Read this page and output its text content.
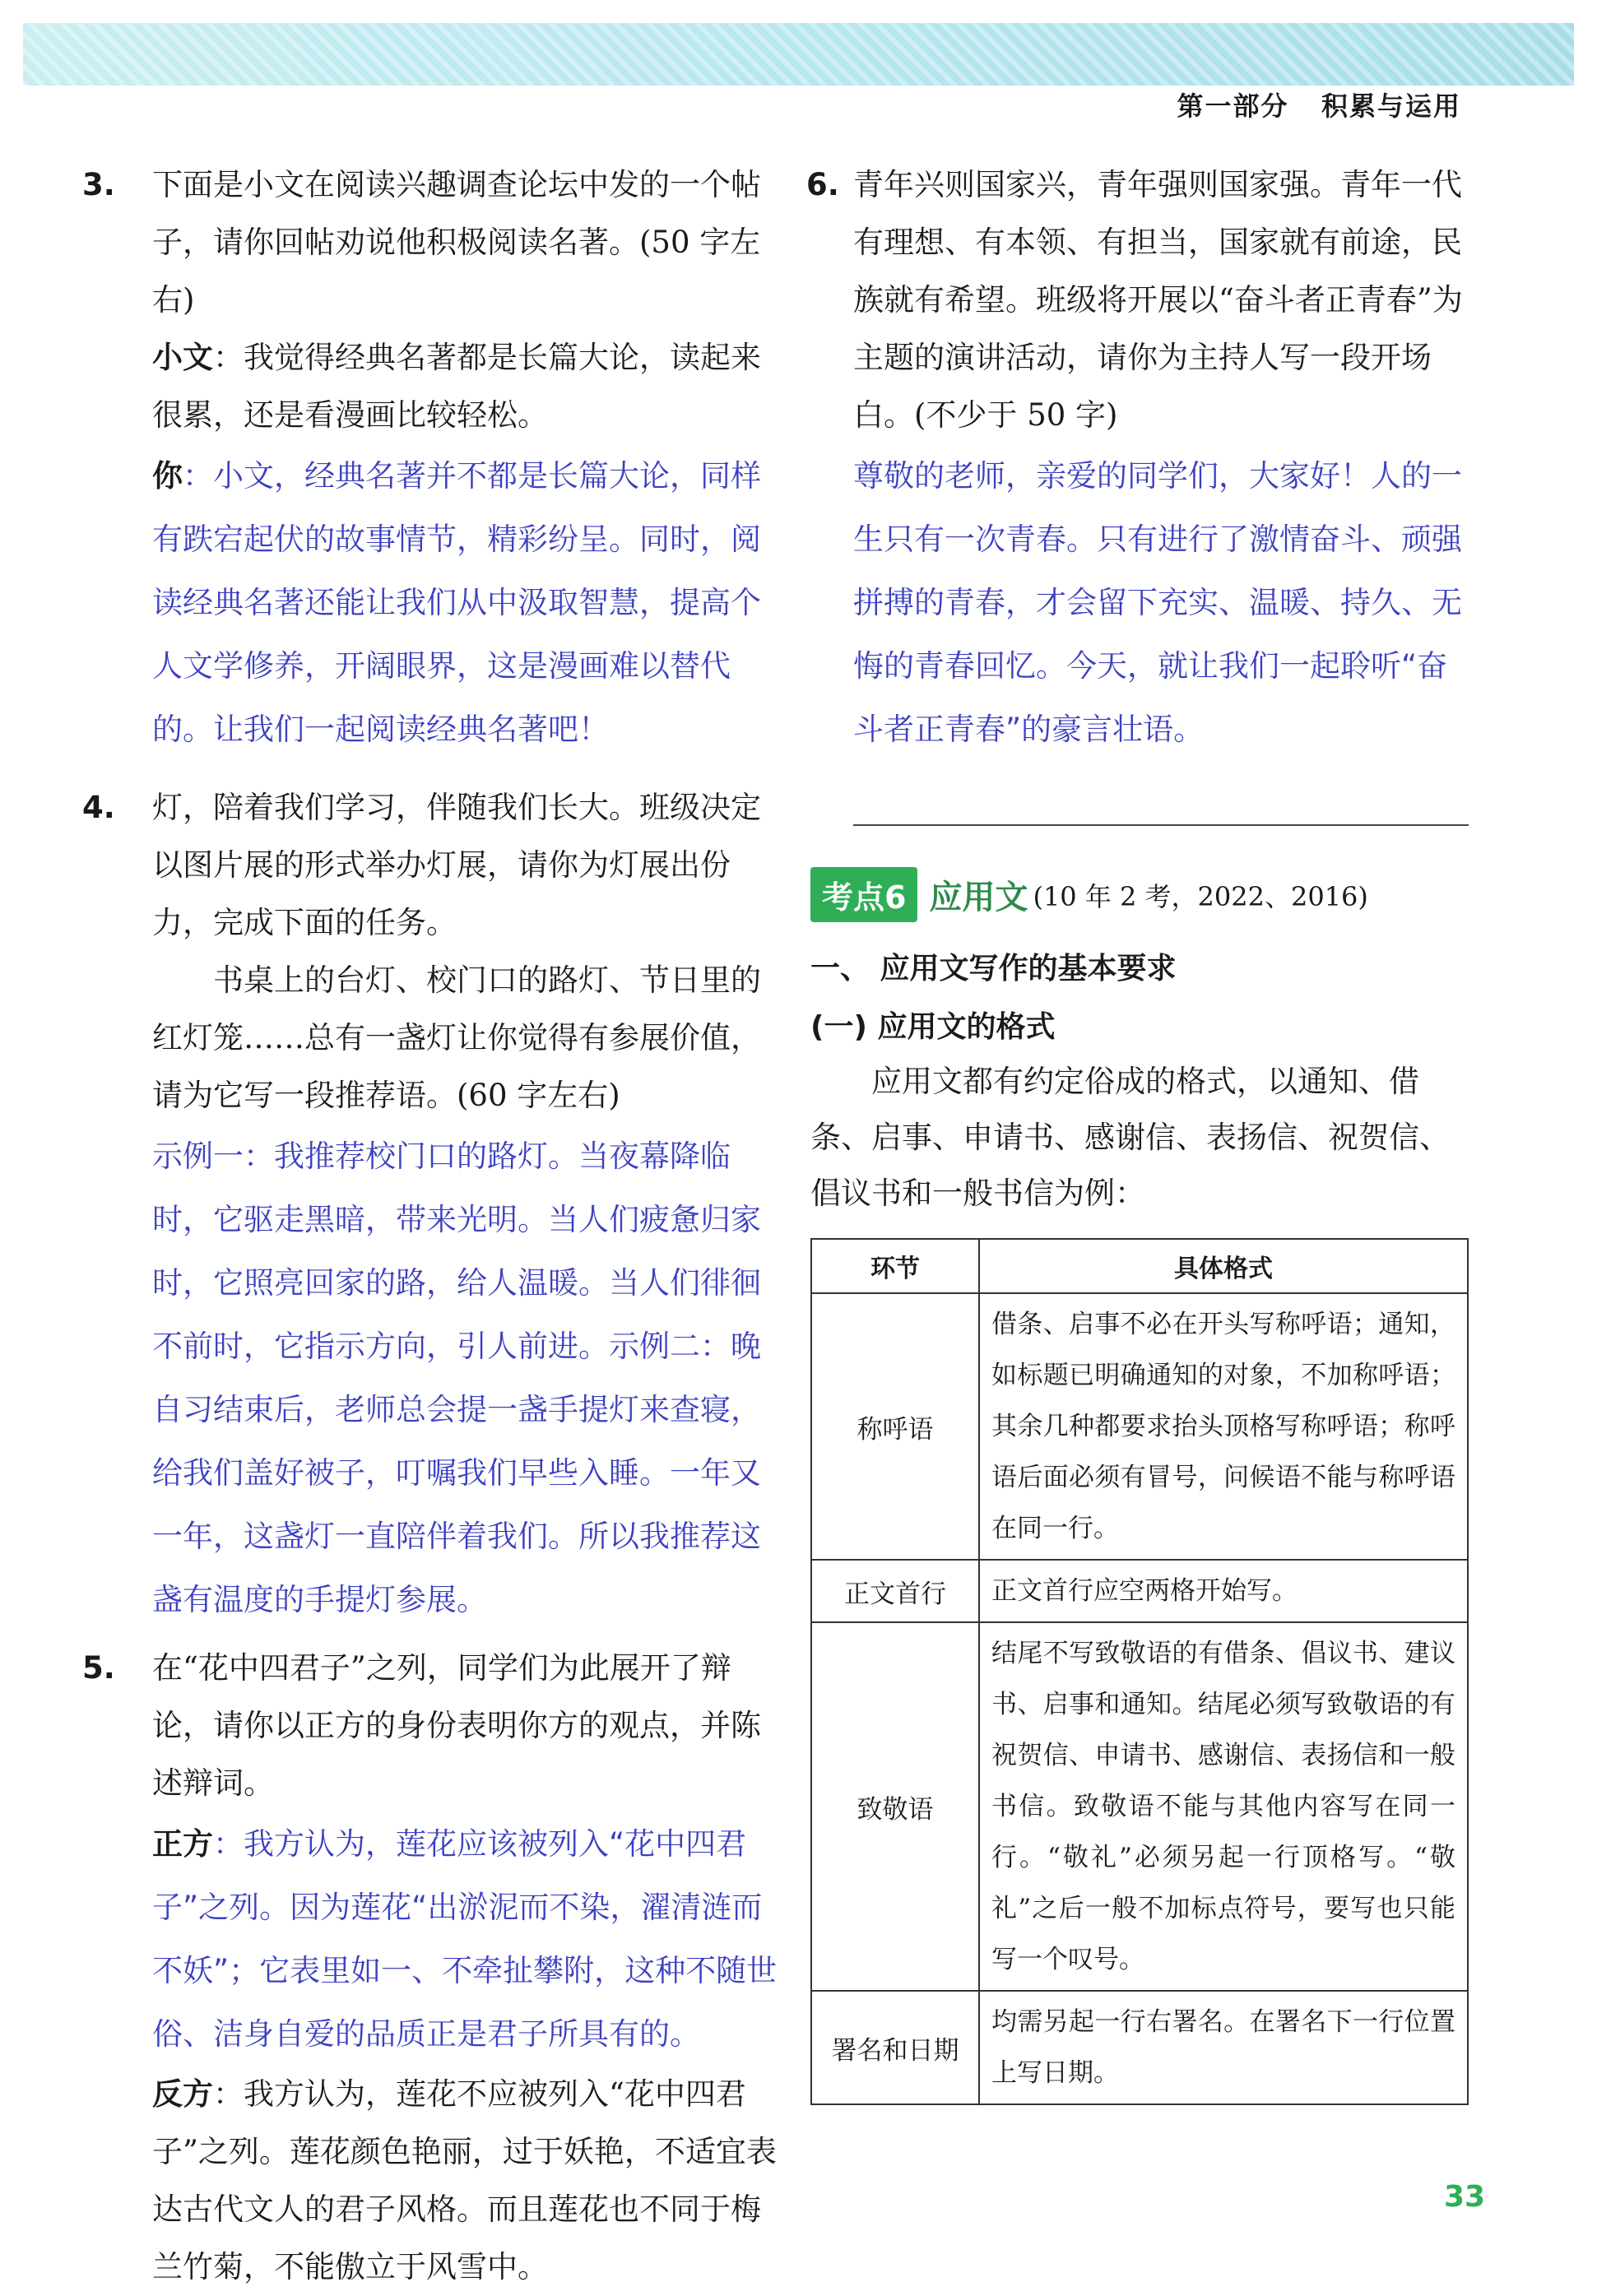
第一部分 积累与运用
3. 下面是小文在阅读兴趣调查论坛中发的一个帖子，请你回帖劝说他积极阅读名著。(50 字左右)
小文：我觉得经典名著都是长篇大论，读起来很累，还是看漫画比较轻松。
你：小文，经典名著并不都是长篇大论，同样有跌宕起伏的故事情节，精彩纷呈。同时，阅读经典名著还能让我们从中汲取智慧，提高个人文学修养，开阔眼界，这是漫画难以替代的。让我们一起阅读经典名著吧！
4. 灯，陪着我们学习，伴随我们长大。班级决定以图片展的形式举办灯展，请你为灯展出份力，完成下面的任务。
书桌上的台灯、校门口的路灯、节日里的红灯笼……总有一盏灯让你觉得有参展价值，请为它写一段推荐语。(60 字左右)
示例一：我推荐校门口的路灯。当夜幕降临时，它驱走黑暗，带来光明。当人们疲惫归家时，它照亮回家的路，给人温暖。当人们徘徊不前时，它指示方向，引人前进。示例二：晚自习结束后，老师总会提一盏手提灯来查寝，给我们盖好被子，叮嘱我们早些入睡。一年又一年，这盏灯一直陪伴着我们。所以我推荐这盏有温度的手提灯参展。
5. 在“花中四君子”之列，同学们为此展开了辩论，请你以正方的身份表明你方的观点，并陈述辩词。
正方：我方认为，莲花应该被列入“花中四君子”之列。因为莲花“出淤泥而不染，濯清涟而不妖”；它表里如一、不牵扯攀附，这种不随世俗、洁身自爱的品质正是君子所具有的。
反方：我方认为，莲花不应被列入“花中四君子”之列。莲花颜色艳丽，过于妖艳，不适宜表达古代文人的君子风格。而且莲花也不同于梅兰竹菊，不能傲立于风雪中。
6. 青年兴则国家兴，青年强则国家强。青年一代有理想、有本领、有担当，国家就有前途，民族就有希望。班级将开展以“奋斗者正青春”为主题的演讲活动，请你为主持人写一段开场白。(不少于 50 字)
尊敬的老师，亲爱的同学们，大家好！人的一生只有一次青春。只有进行了激情奋斗、顽强拼搏的青春，才会留下充实、温暖、持久、无悔的青春回忆。今天，就让我们一起聆听“奋斗者正青春”的豪言壮语。
考点6 应用文 (10 年 2 考，2022、2016)
一、 应用文写作的基本要求
(一) 应用文的格式
应用文都有约定俗成的格式，以通知、借条、启事、申请书、感谢信、表扬信、祝贺信、倡议书和一般书信为例：
环节	具体格式
称呼语	借条、启事不必在开头写称呼语；通知，如标题已明确通知的对象，不加称呼语；其余几种都要求抬头顶格写称呼语；称呼语后面必须有冒号，问候语不能与称呼语在同一行。
正文首行	正文首行应空两格开始写。
致敬语	结尾不写致敬语的有借条、倡议书、建议书、启事和通知。结尾必须写致敬语的有祝贺信、申请书、感谢信、表扬信和一般书信。致敬语不能与其他内容写在同一行。“敬礼”必须另起一行顶格写。“敬礼”之后一般不加标点符号，要写也只能写一个叹号。
署名和日期	均需另起一行右署名。在署名下一行位置上写日期。
33
